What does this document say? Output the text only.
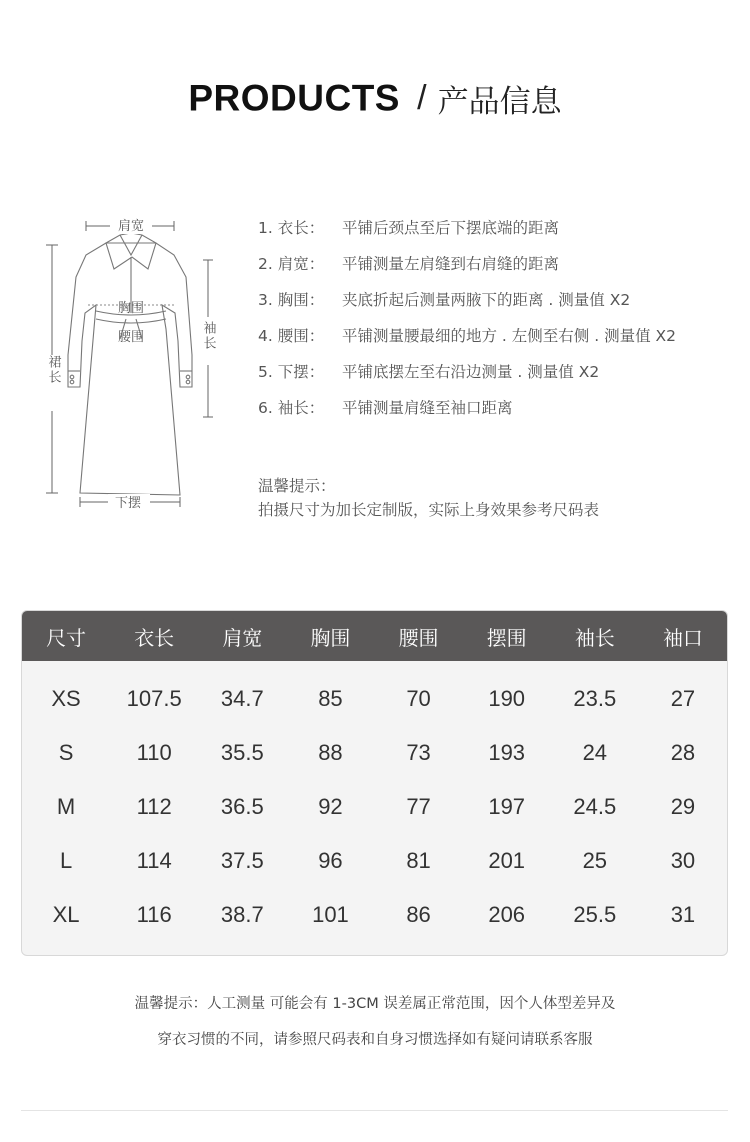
PRODUCTS / 产品信息
肩宽
胸围
腰围
下摆
裙长
袖长
1. 衣长： 平铺后颈点至后下摆底端的距离
2. 肩宽： 平铺测量左肩缝到右肩缝的距离
3. 胸围： 夹底折起后测量两腋下的距离 . 测量值 X2
4. 腰围： 平铺测量腰最细的地方 . 左侧至右侧 . 测量值 X2
5. 下摆： 平铺底摆左至右沿边测量 . 测量值 X2
6. 袖长： 平铺测量肩缝至袖口距离
温馨提示：
拍摄尺寸为加长定制版，实际上身效果参考尺码表
尺寸	衣长	肩宽	胸围	腰围	摆围	袖长	袖口
XS	107.5	34.7	85	70	190	23.5	27
S	110	35.5	88	73	193	24	28
M	112	36.5	92	77	197	24.5	29
L	114	37.5	96	81	201	25	30
XL	116	38.7	101	86	206	25.5	31
温馨提示：人工测量 可能会有 1-3CM 误差属正常范围，因个人体型差异及
穿衣习惯的不同，请参照尺码表和自身习惯选择如有疑问请联系客服
